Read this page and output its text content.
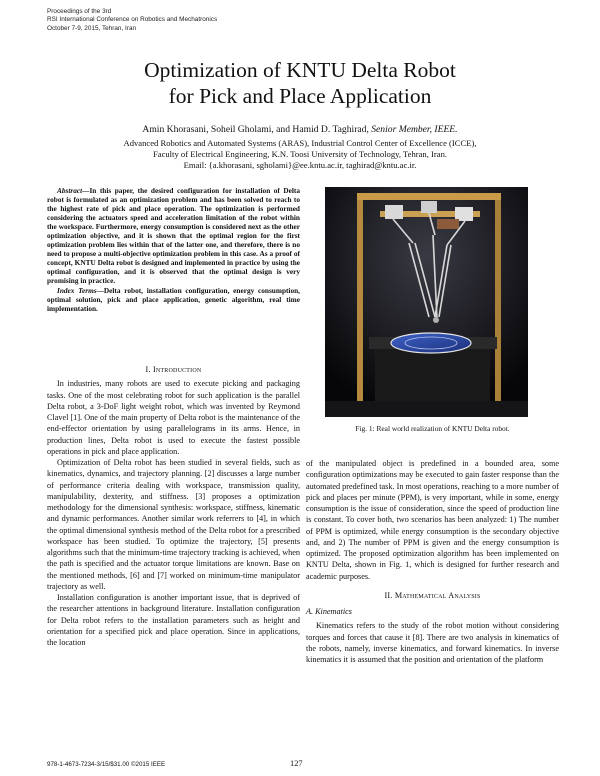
Proceedings of the 3rd
RSI International Conference on Robotics and Mechatronics
October 7-9, 2015, Tehran, Iran
Optimization of KNTU Delta Robot
for Pick and Place Application
Amin Khorasani, Soheil Gholami, and Hamid D. Taghirad, Senior Member, IEEE.
Advanced Robotics and Automated Systems (ARAS), Industrial Control Center of Excellence (ICCE),
Faculty of Electrical Engineering, K.N. Toosi University of Technology, Tehran, Iran.
Email: {a.khorasani, sgholami}@ee.kntu.ac.ir, taghirad@kntu.ac.ir.

Abstract—In this paper, the desired configuration for installation of Delta robot is formulated as an optimization problem and has been solved to reach to the highest rate of pick and place operation. The optimization is performed considering the actuators speed and acceleration limitation of the robot within the workspace. Furthermore, energy consumption is considered next as the other optimization objective, and it is shown that the optimal region for the first optimization problem lies within that of the latter one, and therefore, there is no need to propose a multi-objective optimization problem in this case. As a proof of concept, KNTU Delta robot is designed and implemented in practice by using the optimal configuration, and it is observed that the optimal design is very promising in practice.

Index Terms—Delta robot, installation configuration, energy consumption, optimal solution, pick and place application, genetic algorithm, real time implementation.

I. Introduction

In industries, many robots are used to execute picking and packaging tasks. One of the most celebrating robot for such application is the parallel Delta robot, a 3-DoF light weight robot, which was invented by Reymond Clavel [1]. One of the main property of Delta robot is the maintenance of the end-effector orientation by using parallelograms in its arms. Hence, in production lines, Delta robot is used to execute the fastest possible operations in pick and place application.

Optimization of Delta robot has been studied in several fields, such as kinematics, dynamics, and trajectory planning. [2] discusses a large number of performance criteria dealing with workspace, transmission quality, manipulability, dexterity, and stiffness. [3] proposes a optimization methodology for the dimensional synthesis: workspace, stiffness, kinematic and dynamic performances. Another similar work referrers to [4], in which the optimal dimensional synthesis method of the Delta robot for a prescribed workspace has been studied. To optimize the trajectory, [5] presents algorithms such that the minimum-time trajectory tracking is achieved, when the path is specified and the actuator torque limitations are known. Base on the mentioned methods, [6] and [7] worked on minimum-time manipulator trajectory as well.

Installation configuration is another important issue, that is deprived of the researcher attentions in background literature. Installation configuration for Delta robot refers to the installation parameters such as height and orientation for a specified pick and place operation. Since in applications, the location

Fig. 1: Real world realization of KNTU Delta robot.

of the manipulated object is predefined in a bounded area, some configuration optimizations may be executed to gain faster response than the automated predefined task. In most operations, reaching to a more number of pick and places per minute (PPM), is very important, while in some, energy consumption is the issue of consideration, since the speed of production line is constant. To cover both, two scenarios has been analyzed: 1) The number of PPM is optimized, while energy consumption is the secondary objective and, and 2) The number of PPM is given and the energy consumption is optimized. The proposed optimization algorithm has been implemented on KNTU Delta, shown in Fig. 1, which is designed for further research and academic purposes.

II. Mathematical Analysis
A. Kinematics

Kinematics refers to the study of the robot motion without considering torques and forces that cause it [8]. There are two analysis in kinematics of the robots, namely, inverse kinematics, and forward kinematics. In inverse kinematics it is assumed that the position and orientation of the platform

978-1-4673-7234-3/15/$31.00 ©2015 IEEE	127
